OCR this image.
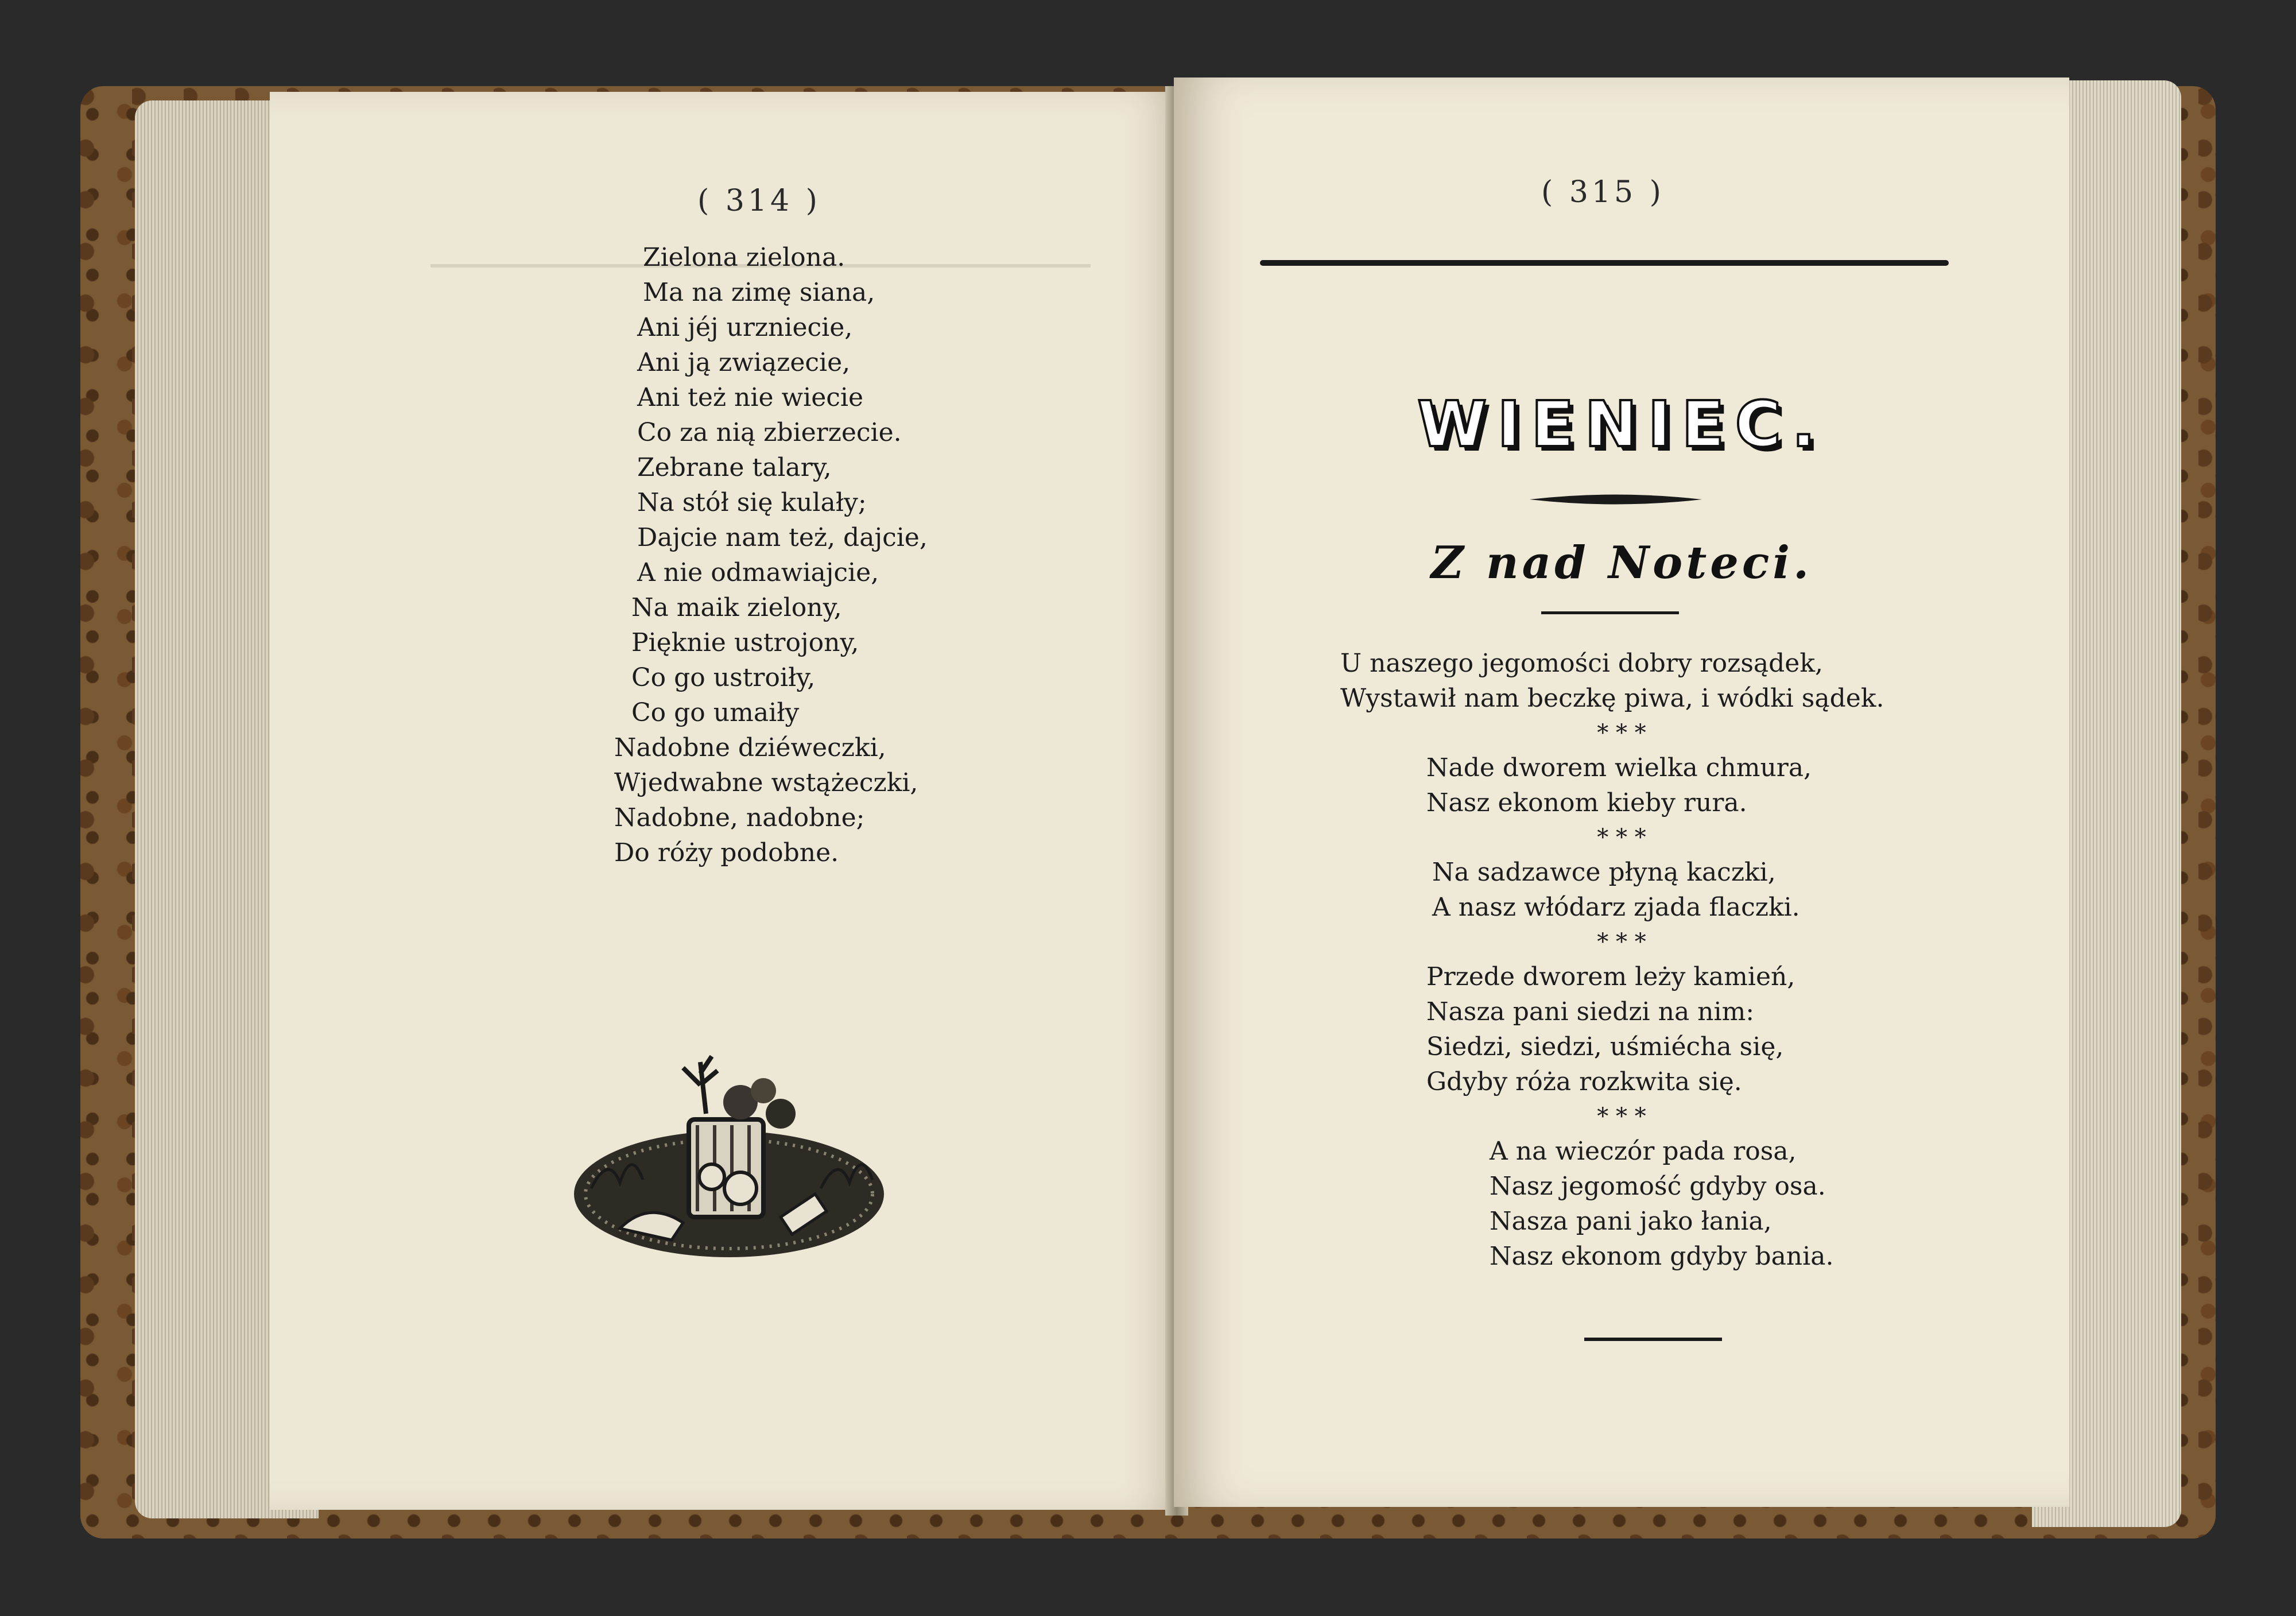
( 314 )
Zielona zielona.
Ma na zimę siana,
Ani jéj urzniecie,
Ani ją związecie,
Ani też nie wiecie
Co za nią zbierzecie.
Zebrane talary,
Na stół się kulały;
Dajcie nam też, dajcie,
A nie odmawiajcie,
Na maik zielony,
Pięknie ustrojony,
Co go ustroiły,
Co go umaiły
Nadobne dziéweczki,
Wjedwabne wstążeczki,
Nadobne, nadobne;
Do róży podobne.
( 315 )
WIENIEC.
Z nad Noteci.
U naszego jegomości dobry rozsądek,
Wystawił nam beczkę piwa, i wódki sądek.
* * *
Nade dworem wielka chmura,
Nasz ekonom kieby rura.
* * *
Na sadzawce płyną kaczki,
A nasz włódarz zjada flaczki.
* * *
Przede dworem leży kamień,
Nasza pani siedzi na nim:
Siedzi, siedzi, uśmiécha się,
Gdyby róża rozkwita się.
* * *
A na wieczór pada rosa,
Nasz jegomość gdyby osa.
Nasza pani jako łania,
Nasz ekonom gdyby bania.
